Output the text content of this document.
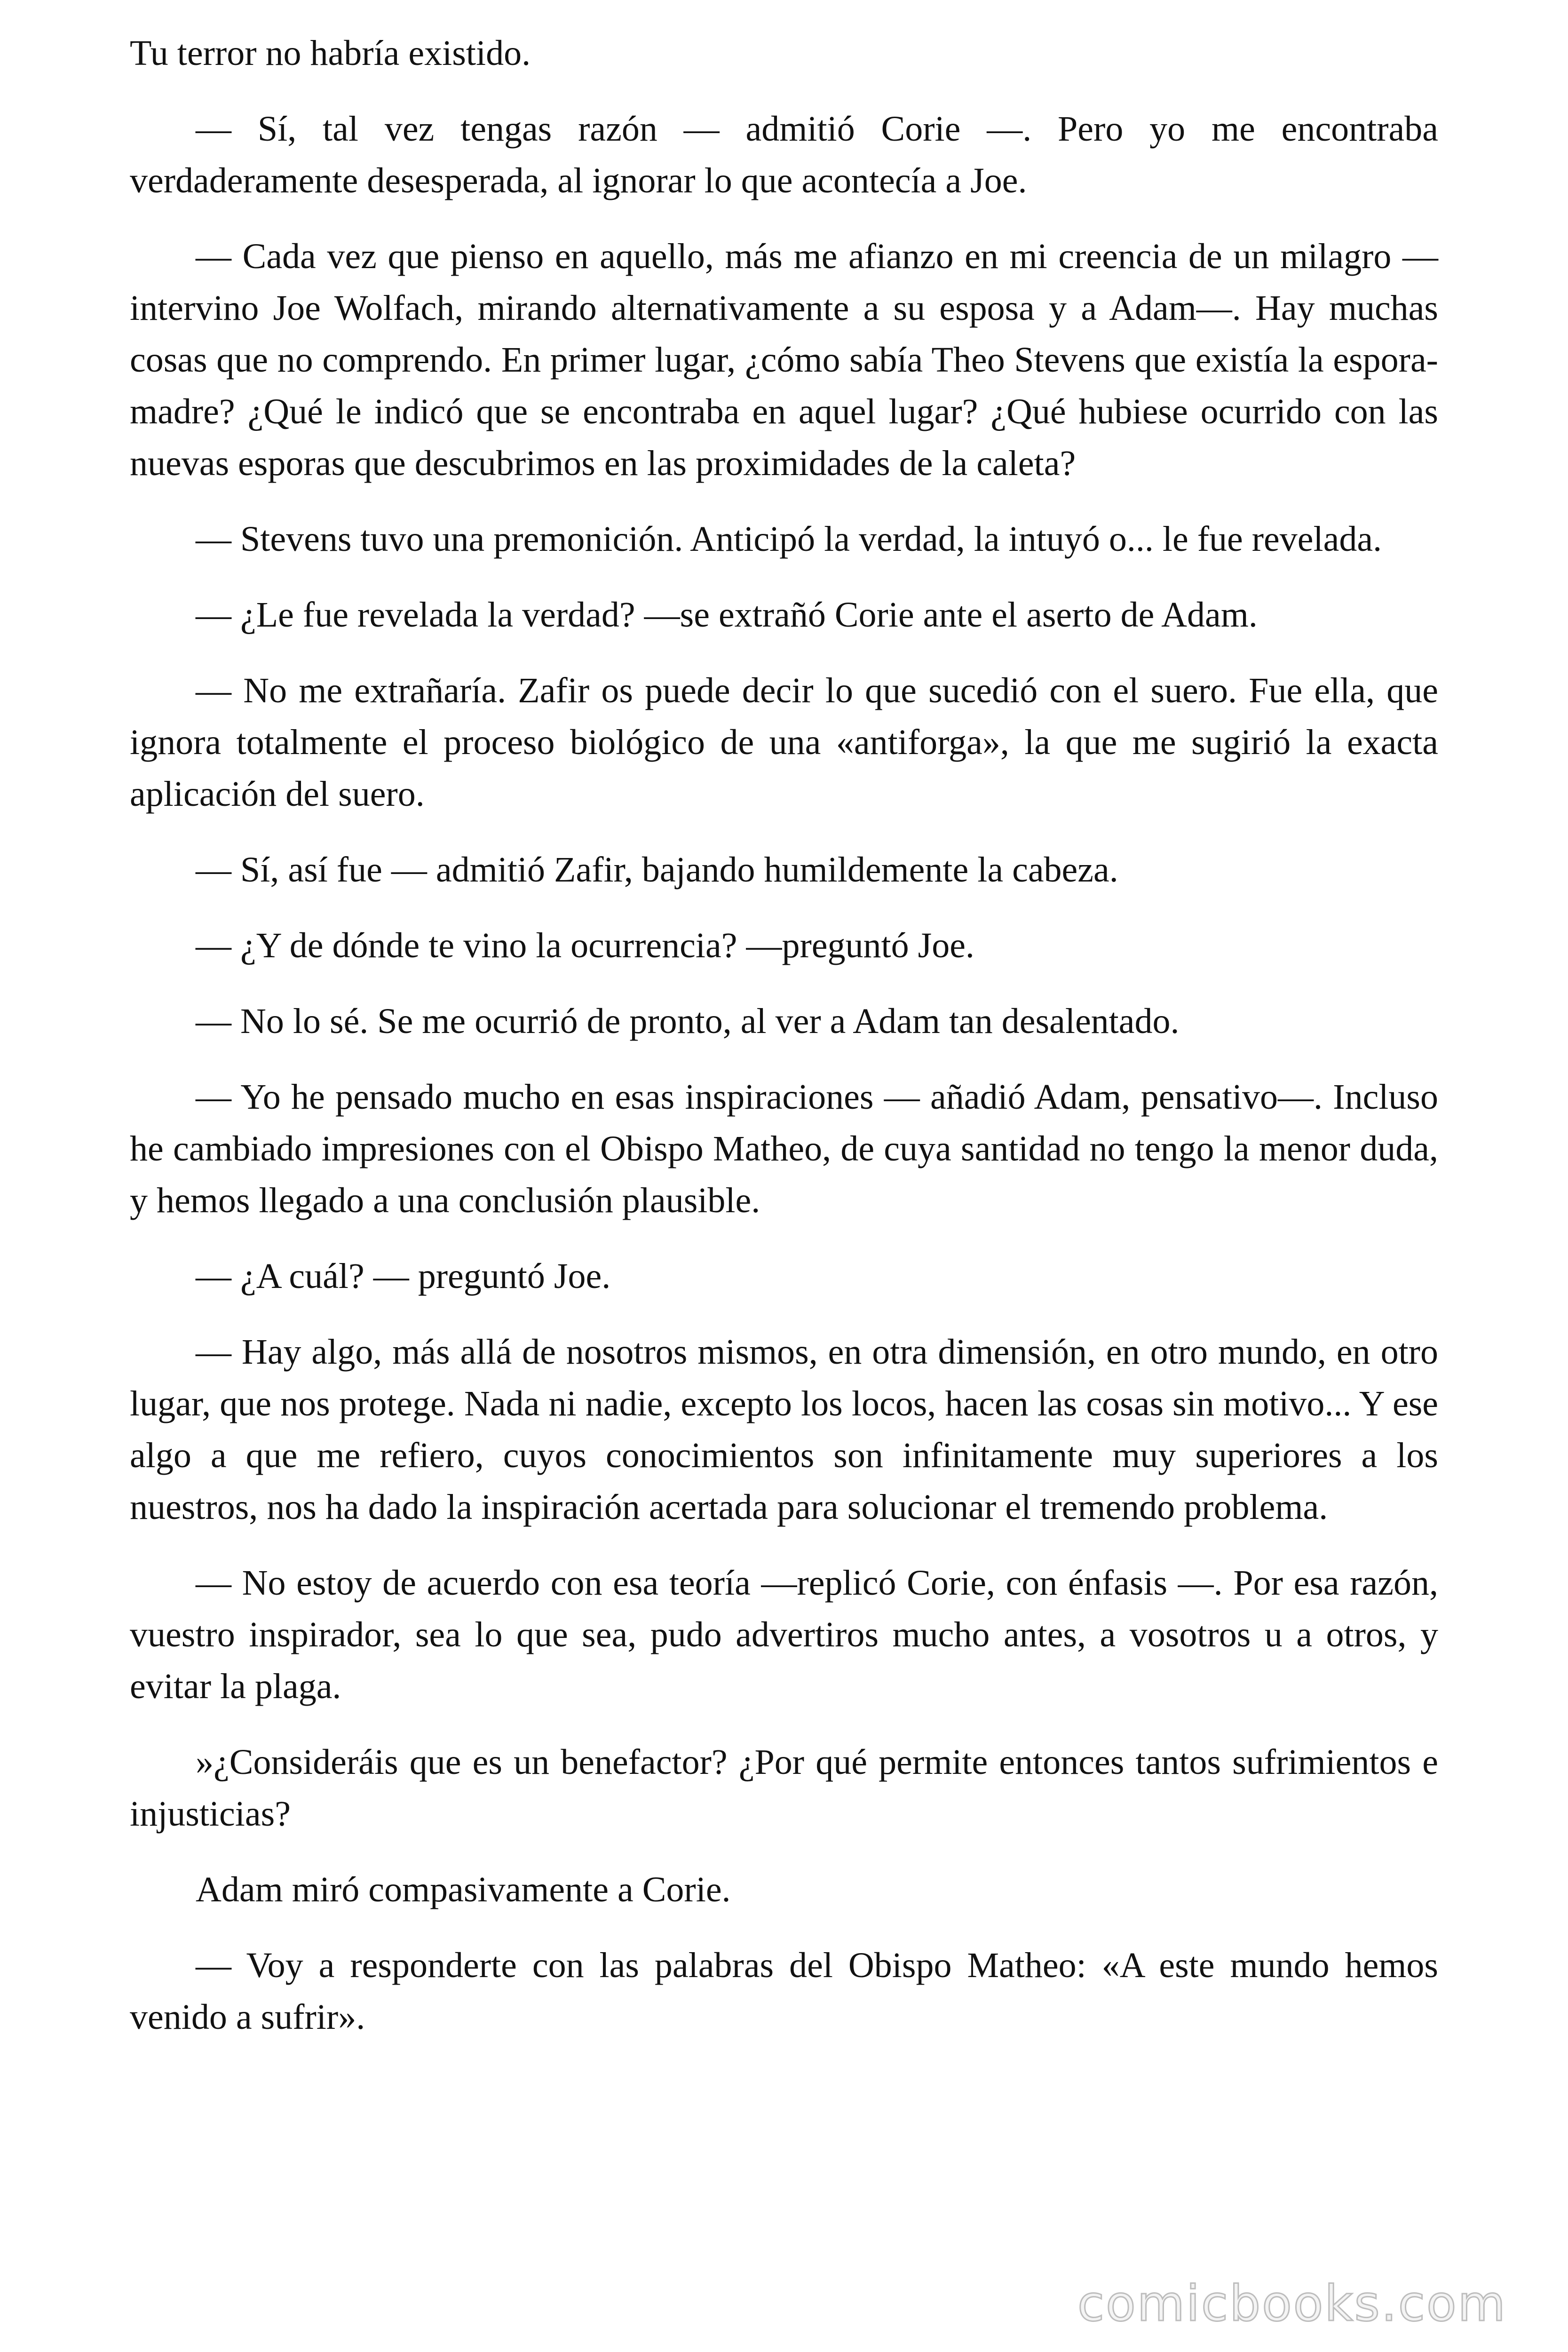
Tu terror no habría existido.

— Sí, tal vez tengas razón — admitió Corie —. Pero yo me encontraba verdaderamente desesperada, al ignorar lo que acontecía a Joe.

— Cada vez que pienso en aquello, más me afianzo en mi creencia de un milagro —intervino Joe Wolfach, mirando alternativamente a su esposa y a Adam—. Hay muchas cosas que no comprendo. En primer lugar, ¿cómo sabía Theo Stevens que existía la espora-madre? ¿Qué le indicó que se encontraba en aquel lugar? ¿Qué hubiese ocurrido con las nuevas esporas que descubrimos en las proximidades de la caleta?

— Stevens tuvo una premonición. Anticipó la verdad, la intuyó o... le fue revelada.

— ¿Le fue revelada la verdad? —se extrañó Corie ante el aserto de Adam.

— No me extrañaría. Zafir os puede decir lo que sucedió con el suero. Fue ella, que ignora totalmente el proceso biológico de una «antiforga», la que me sugirió la exacta aplicación del suero.

— Sí, así fue — admitió Zafir, bajando humildemente la cabeza.

— ¿Y de dónde te vino la ocurrencia? —preguntó Joe.

— No lo sé. Se me ocurrió de pronto, al ver a Adam tan desalentado.

— Yo he pensado mucho en esas inspiraciones — añadió Adam, pensativo—. Incluso he cambiado impresiones con el Obispo Matheo, de cuya santidad no tengo la menor duda, y hemos llegado a una conclusión plausible.

— ¿A cuál? — preguntó Joe.

— Hay algo, más allá de nosotros mismos, en otra dimensión, en otro mundo, en otro lugar, que nos protege. Nada ni nadie, excepto los locos, hacen las cosas sin motivo... Y ese algo a que me refiero, cuyos conocimientos son infinitamente muy superiores a los nuestros, nos ha dado la inspiración acertada para solucionar el tremendo problema.

— No estoy de acuerdo con esa teoría —replicó Corie, con énfasis —. Por esa razón, vuestro inspirador, sea lo que sea, pudo advertiros mucho antes, a vosotros u a otros, y evitar la plaga.

»¿Consideráis que es un benefactor? ¿Por qué permite entonces tantos sufrimientos e injusticias?

Adam miró compasivamente a Corie.

— Voy a responderte con las palabras del Obispo Matheo: «A este mundo hemos venido a sufrir».

comicbooks.com
